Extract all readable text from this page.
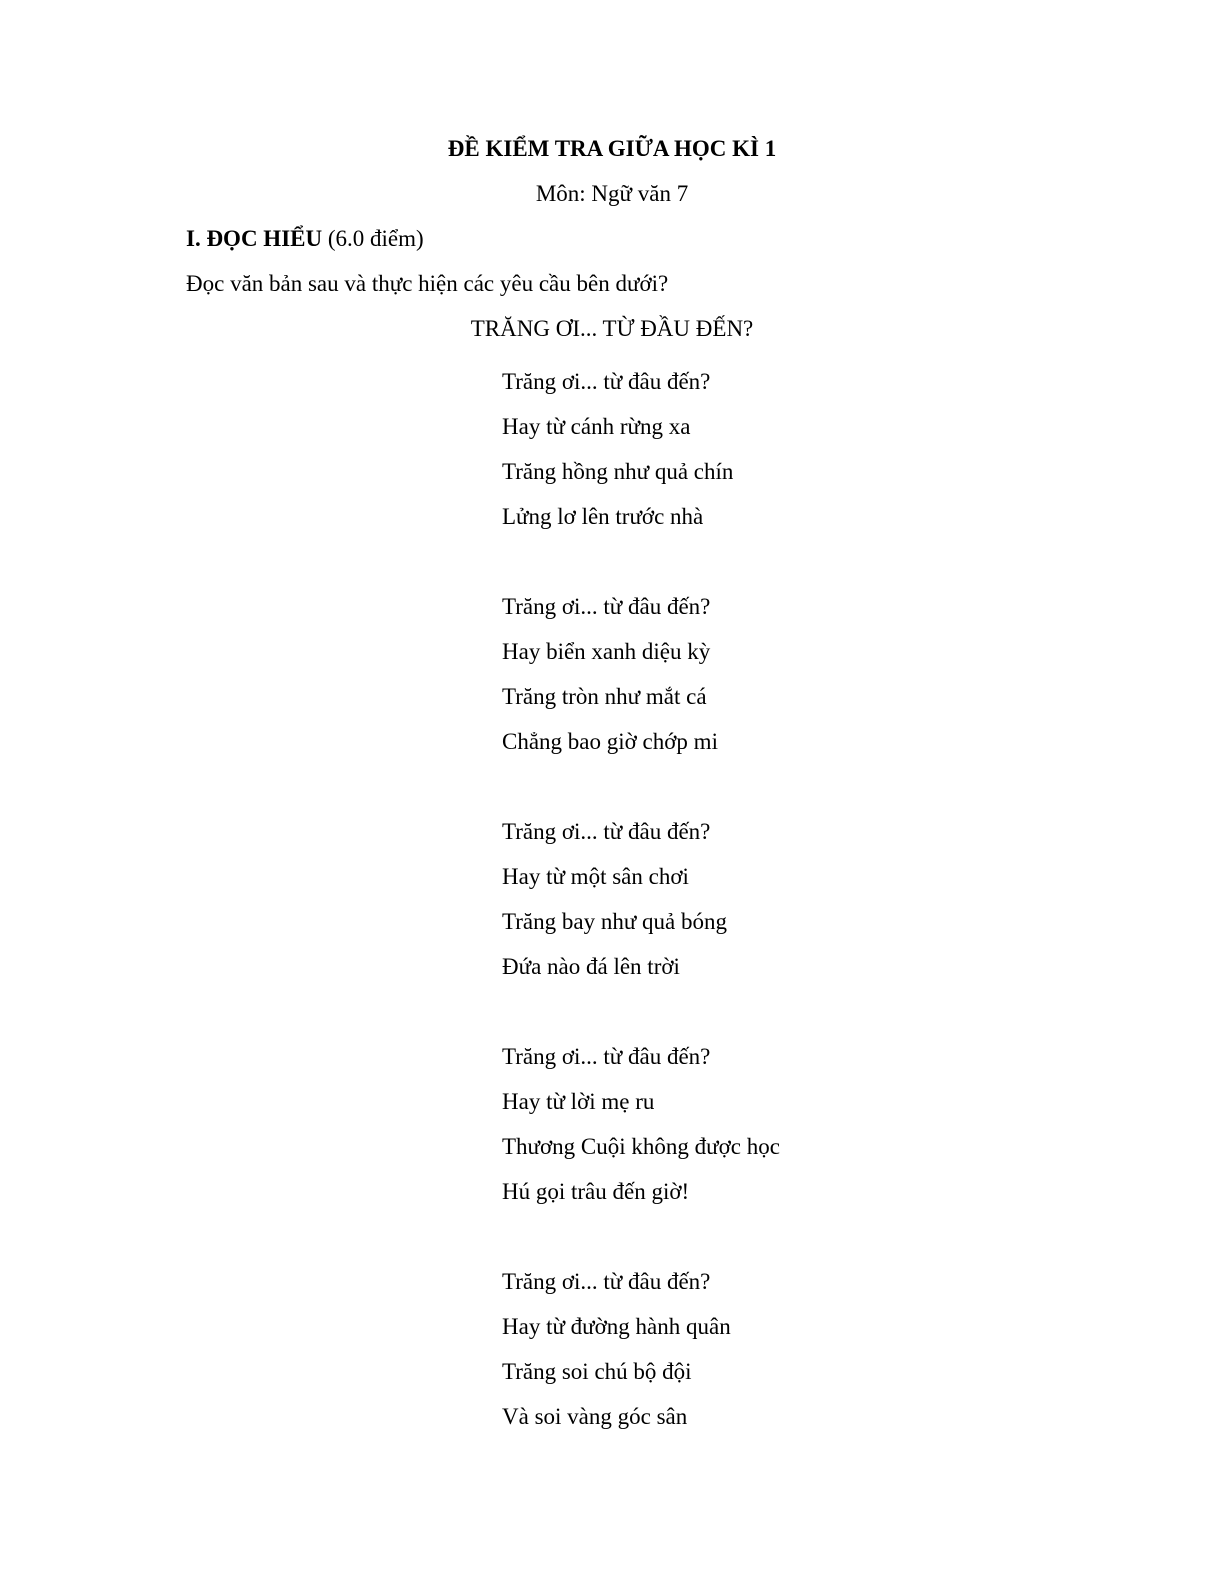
ĐỀ KIỂM TRA GIỮA HỌC KÌ 1
Môn: Ngữ văn 7
I. ĐỌC HIỂU (6.0 điểm)
Đọc văn bản sau và thực hiện các yêu cầu bên dưới?
TRĂNG ƠI... TỪ ĐẦU ĐẾN?
Trăng ơi... từ đâu đến?
Hay từ cánh rừng xa
Trăng hồng như quả chín
Lửng lơ lên trước nhà
Trăng ơi... từ đâu đến?
Hay biển xanh diệu kỳ
Trăng tròn như mắt cá
Chẳng bao giờ chớp mi
Trăng ơi... từ đâu đến?
Hay từ một sân chơi
Trăng bay như quả bóng
Đứa nào đá lên trời
Trăng ơi... từ đâu đến?
Hay từ lời mẹ ru
Thương Cuội không được học
Hú gọi trâu đến giờ!
Trăng ơi... từ đâu đến?
Hay từ đường hành quân
Trăng soi chú bộ đội
Và soi vàng góc sân
